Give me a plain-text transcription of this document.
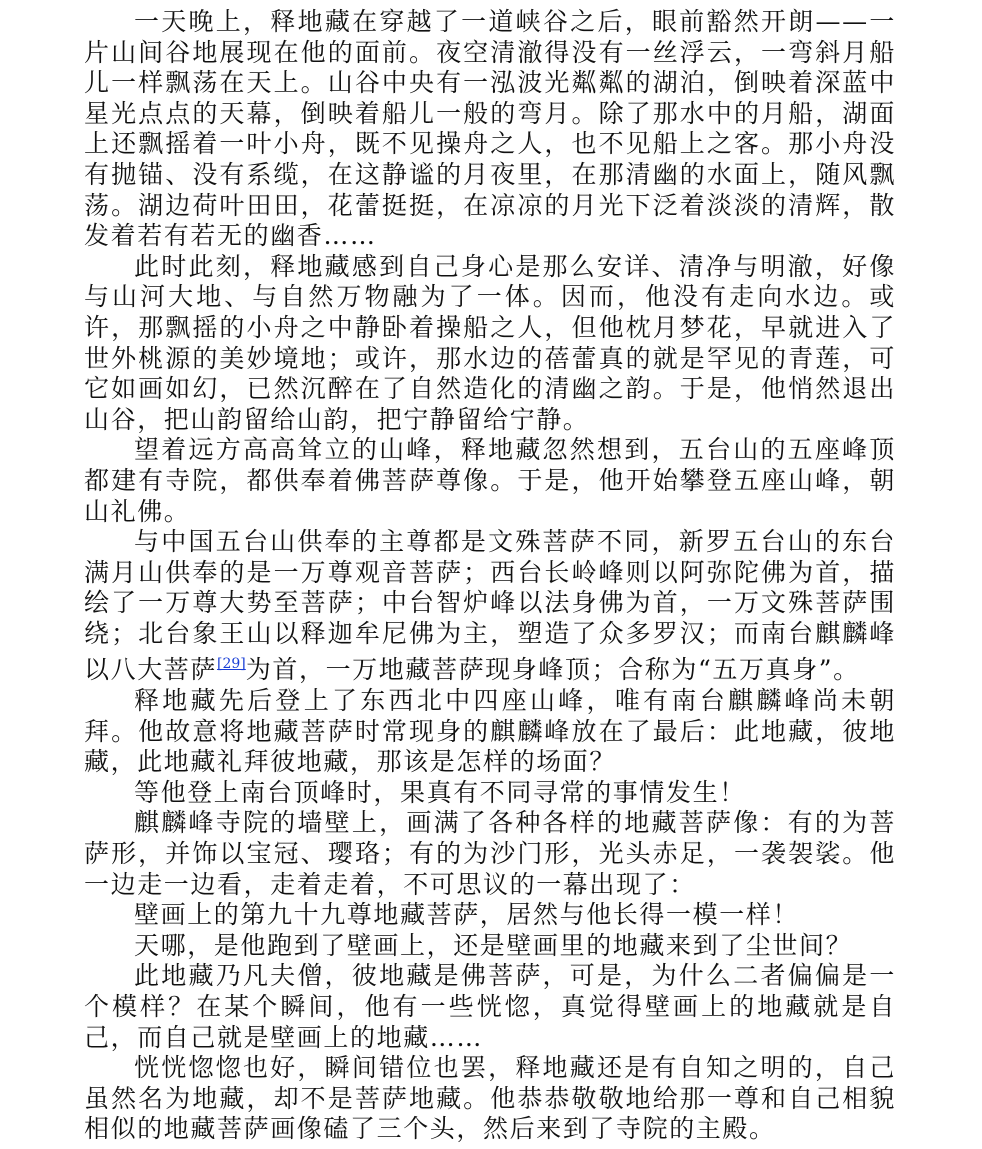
一天晚上，释地藏在穿越了一道峡谷之后，眼前豁然开朗——一片山间谷地展现在他的面前。夜空清澈得没有一丝浮云，一弯斜月船儿一样飘荡在天上。山谷中央有一泓波光粼粼的湖泊，倒映着深蓝中星光点点的天幕，倒映着船儿一般的弯月。除了那水中的月船，湖面上还飘摇着一叶小舟，既不见操舟之人，也不见船上之客。那小舟没有抛锚、没有系缆，在这静谧的月夜里，在那清幽的水面上，随风飘荡。湖边荷叶田田，花蕾挺挺，在凉凉的月光下泛着淡淡的清辉，散发着若有若无的幽香……

此时此刻，释地藏感到自己身心是那么安详、清净与明澈，好像与山河大地、与自然万物融为了一体。因而，他没有走向水边。或许，那飘摇的小舟之中静卧着操船之人，但他枕月梦花，早就进入了世外桃源的美妙境地；或许，那水边的蓓蕾真的就是罕见的青莲，可它如画如幻，已然沉醉在了自然造化的清幽之韵。于是，他悄然退出山谷，把山韵留给山韵，把宁静留给宁静。

望着远方高高耸立的山峰，释地藏忽然想到，五台山的五座峰顶都建有寺院，都供奉着佛菩萨尊像。于是，他开始攀登五座山峰，朝山礼佛。

与中国五台山供奉的主尊都是文殊菩萨不同，新罗五台山的东台满月山供奉的是一万尊观音菩萨；西台长岭峰则以阿弥陀佛为首，描绘了一万尊大势至菩萨；中台智炉峰以法身佛为首，一万文殊菩萨围绕；北台象王山以释迦牟尼佛为主，塑造了众多罗汉；而南台麒麟峰以八大菩萨[29]为首，一万地藏菩萨现身峰顶；合称为“五万真身”。

释地藏先后登上了东西北中四座山峰，唯有南台麒麟峰尚未朝拜。他故意将地藏菩萨时常现身的麒麟峰放在了最后：此地藏，彼地藏，此地藏礼拜彼地藏，那该是怎样的场面？

等他登上南台顶峰时，果真有不同寻常的事情发生！

麒麟峰寺院的墙壁上，画满了各种各样的地藏菩萨像：有的为菩萨形，并饰以宝冠、璎珞；有的为沙门形，光头赤足，一袭袈裟。他一边走一边看，走着走着，不可思议的一幕出现了：

壁画上的第九十九尊地藏菩萨，居然与他长得一模一样！

天哪，是他跑到了壁画上，还是壁画里的地藏来到了尘世间？

此地藏乃凡夫僧，彼地藏是佛菩萨，可是，为什么二者偏偏是一个模样？在某个瞬间，他有一些恍惚，真觉得壁画上的地藏就是自己，而自己就是壁画上的地藏……

恍恍惚惚也好，瞬间错位也罢，释地藏还是有自知之明的，自己虽然名为地藏，却不是菩萨地藏。他恭恭敬敬地给那一尊和自己相貌相似的地藏菩萨画像磕了三个头，然后来到了寺院的主殿。
